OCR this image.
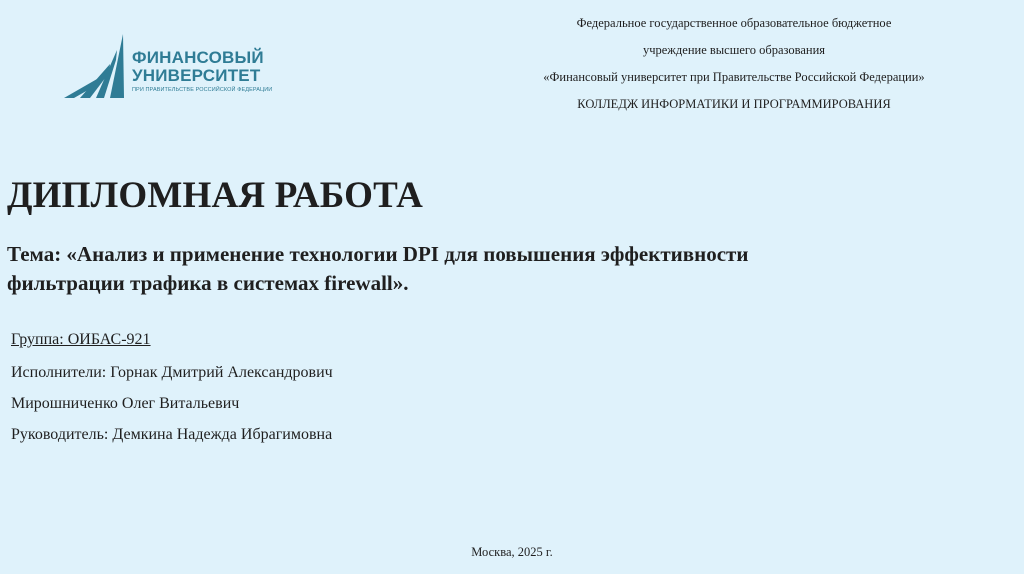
ФИНАНСОВЫЙ
УНИВЕРСИТЕТ
ПРИ ПРАВИТЕЛЬСТВЕ РОССИЙСКОЙ ФЕДЕРАЦИИ
Федеральное государственное образовательное бюджетное
учреждение высшего образования
«Финансовый университет при Правительстве Российской Федерации»
КОЛЛЕДЖ ИНФОРМАТИКИ И ПРОГРАММИРОВАНИЯ
ДИПЛОМНАЯ РАБОТА
Тема: «Анализ и применение технологии DPI для повышения эффективности
фильтрации трафика в системах firewall».
Группа: ОИБАС-921
Исполнители: Горнак Дмитрий Александрович
Мирошниченко Олег Витальевич
Руководитель: Демкина Надежда Ибрагимовна
Москва, 2025 г.
